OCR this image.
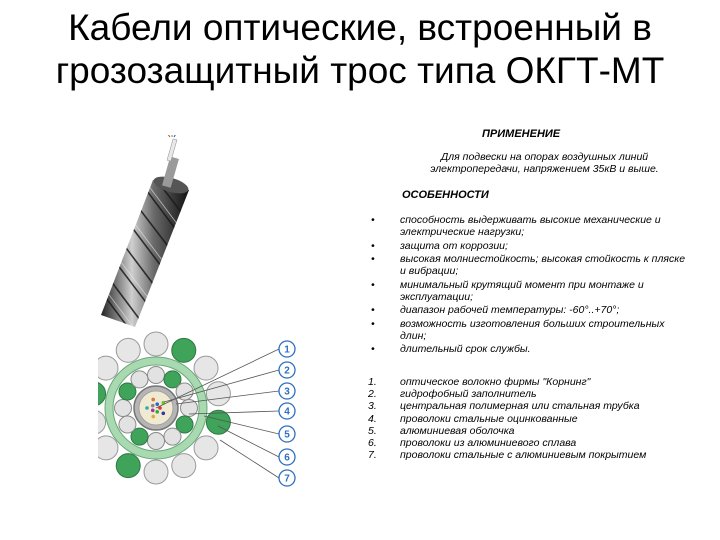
Кабели оптические, встроенный в грозозащитный трос типа ОКГТ-МТ
ПРИМЕНЕНИЕ
Для подвески на опорах воздушных линий электропередачи, напряжением 35кВ и выше.
ОСОБЕННОСТИ
• способность выдерживать высокие механические и электрические нагрузки;
• защита от коррозии;
• высокая молниестойкость; высокая стойкость к пляске и вибрации;
• минимальный крутящий момент при монтаже и эксплуатации;
• диапазон рабочей температуры: -60°..+70°;
• возможность изготовления больших строительных длин;
• длительный срок службы.
1. оптическое волокно фирмы "Корнинг"
2. гидрофобный заполнитель
3. центральная полимерная или стальная трубка
4. проволоки стальные оцинкованные
5. алюминиевая оболочка
6. проволоки из алюминиевого сплава
7. проволоки стальные с алюминиевым покрытием
1
2
3
4
5
6
7
